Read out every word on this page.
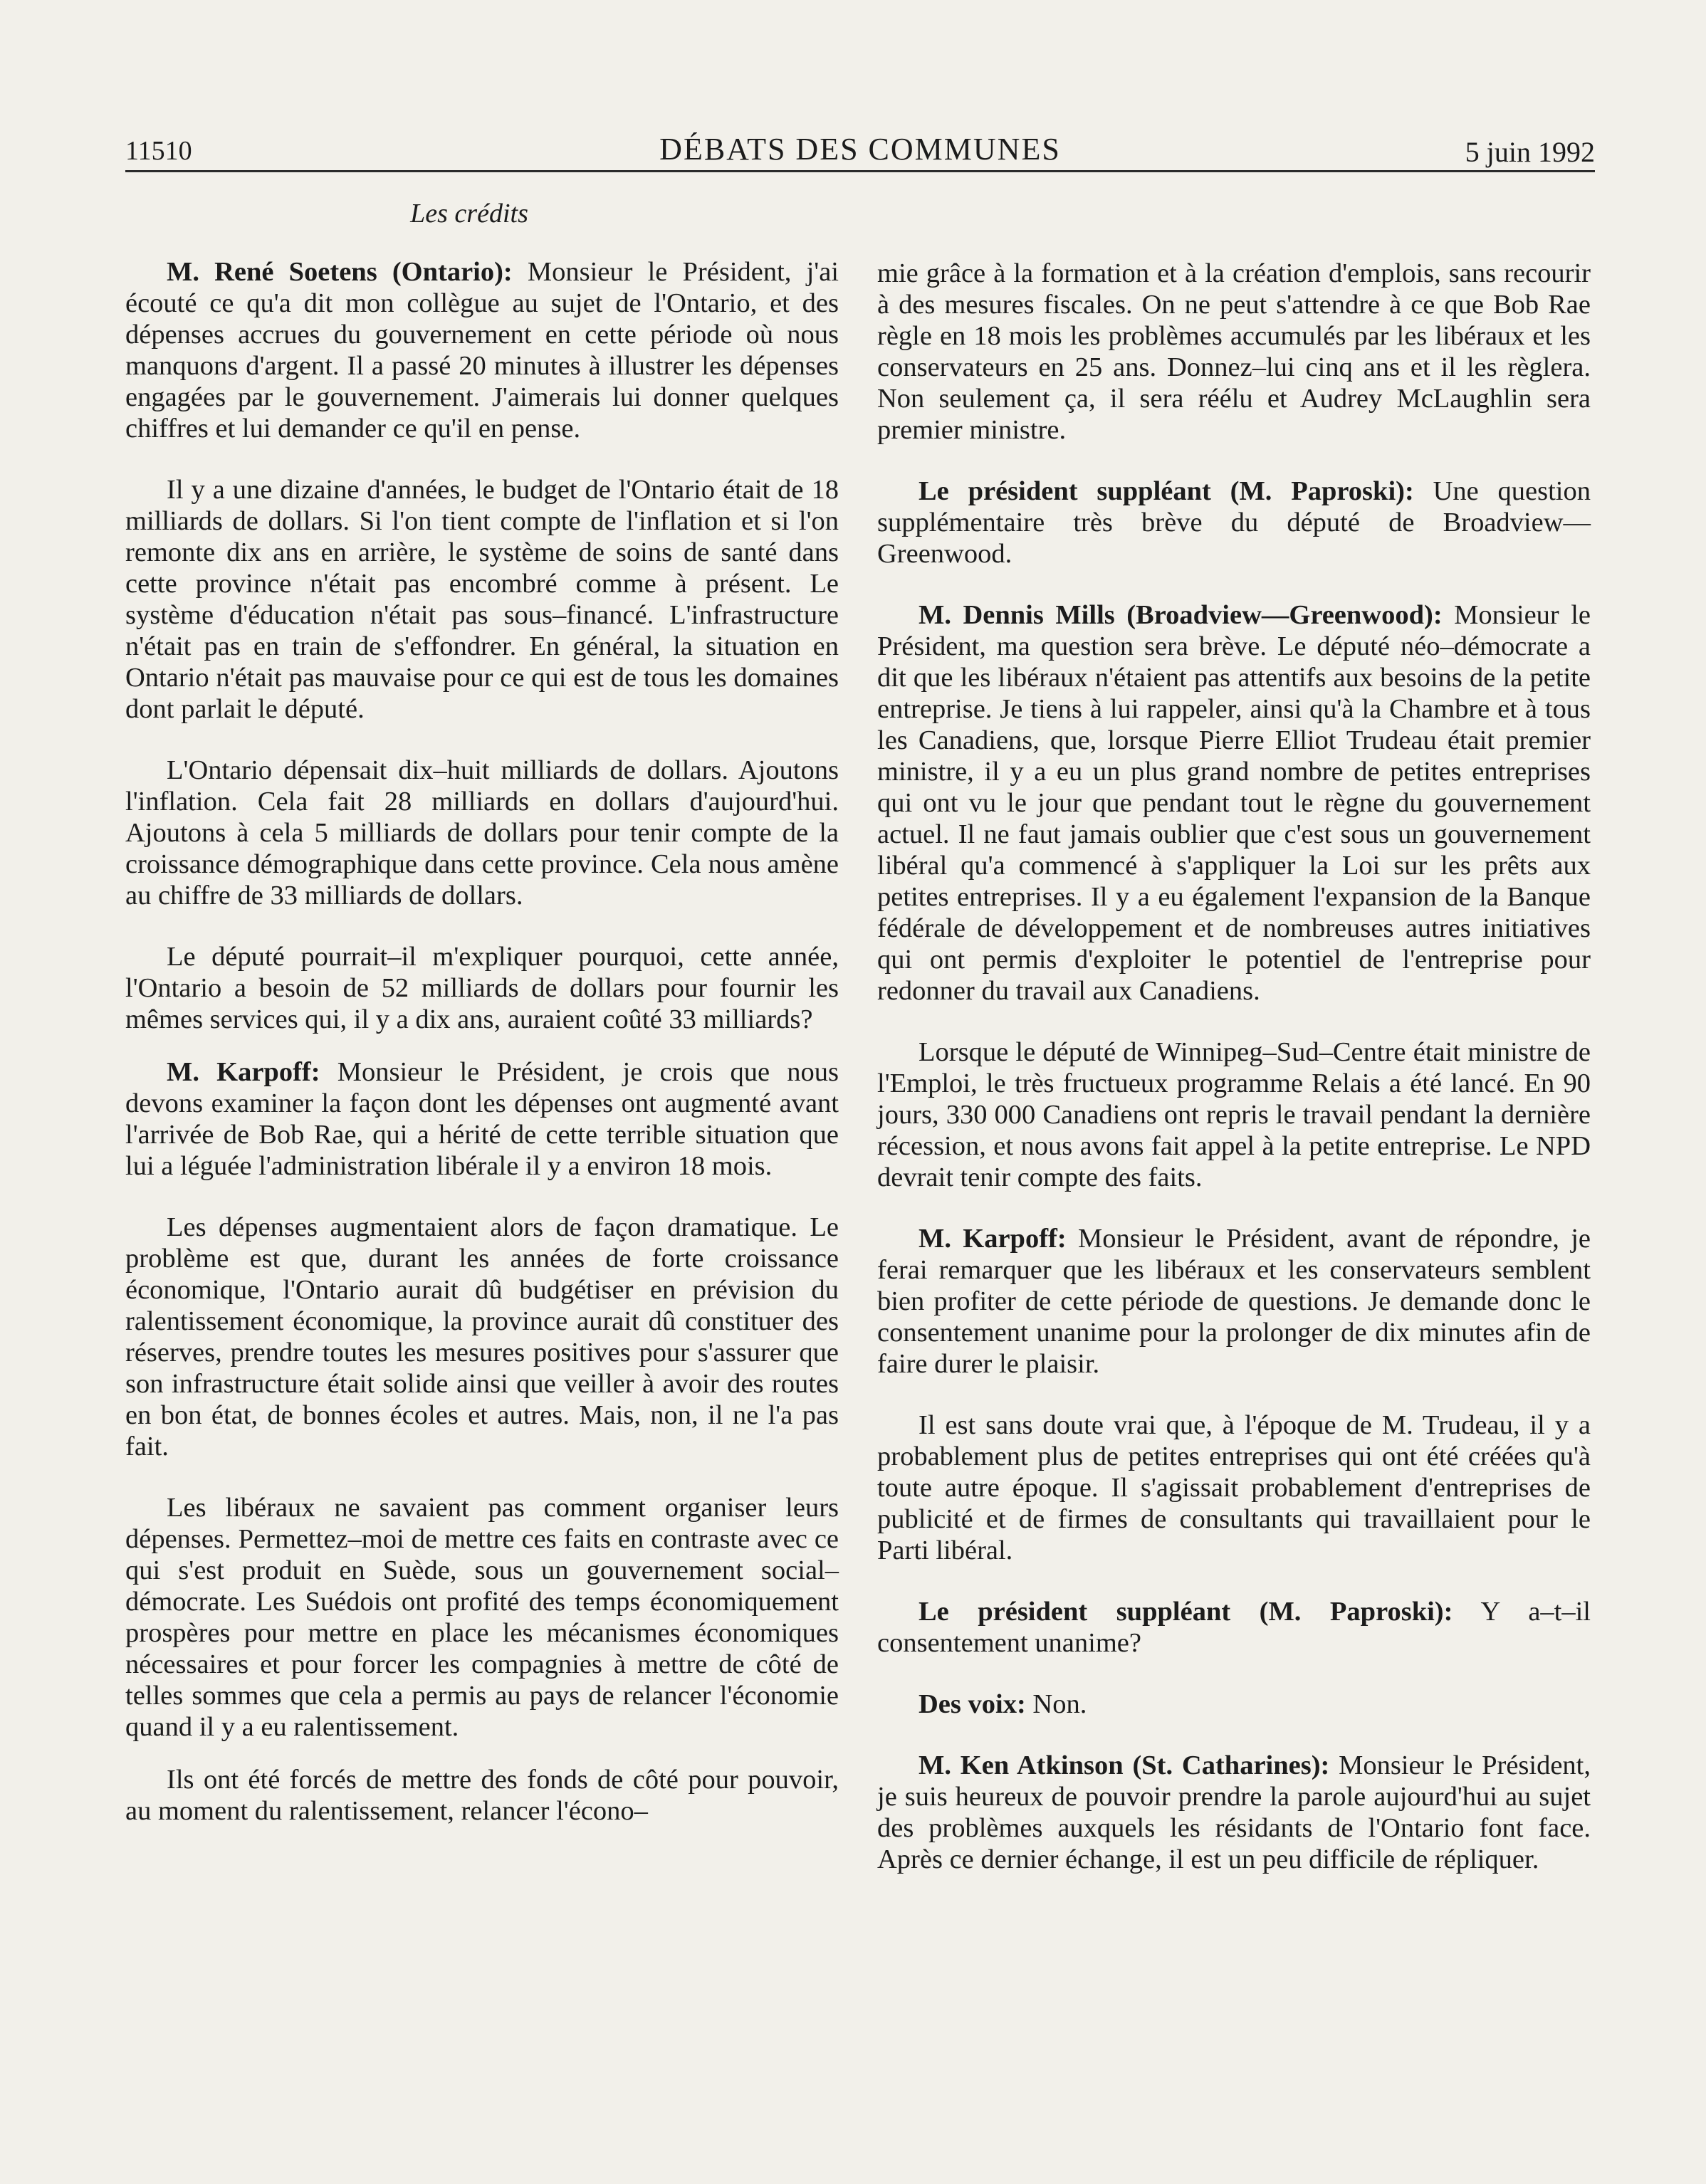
11510	DÉBATS DES COMMUNES	5 juin 1992
Les crédits

M. René Soetens (Ontario): Monsieur le Président, j'ai écouté ce qu'a dit mon collègue au sujet de l'Ontario, et des dépenses accrues du gouvernement en cette période où nous manquons d'argent. Il a passé 20 minutes à illustrer les dépenses engagées par le gouvernement. J'aimerais lui donner quelques chiffres et lui demander ce qu'il en pense.

Il y a une dizaine d'années, le budget de l'Ontario était de 18 milliards de dollars. Si l'on tient compte de l'inflation et si l'on remonte dix ans en arrière, le système de soins de santé dans cette province n'était pas encombré comme à présent. Le système d'éducation n'était pas sous–financé. L'infrastructure n'était pas en train de s'effondrer. En général, la situation en Ontario n'était pas mauvaise pour ce qui est de tous les domaines dont parlait le député.

L'Ontario dépensait dix–huit milliards de dollars. Ajoutons l'inflation. Cela fait 28 milliards en dollars d'aujourd'hui. Ajoutons à cela 5 milliards de dollars pour tenir compte de la croissance démographique dans cette province. Cela nous amène au chiffre de 33 milliards de dollars.

Le député pourrait–il m'expliquer pourquoi, cette année, l'Ontario a besoin de 52 milliards de dollars pour fournir les mêmes services qui, il y a dix ans, auraient coûté 33 milliards?

M. Karpoff: Monsieur le Président, je crois que nous devons examiner la façon dont les dépenses ont augmenté avant l'arrivée de Bob Rae, qui a hérité de cette terrible situation que lui a léguée l'administration libérale il y a environ 18 mois.

Les dépenses augmentaient alors de façon dramatique. Le problème est que, durant les années de forte croissance économique, l'Ontario aurait dû budgétiser en prévision du ralentissement économique, la province aurait dû constituer des réserves, prendre toutes les mesures positives pour s'assurer que son infrastructure était solide ainsi que veiller à avoir des routes en bon état, de bonnes écoles et autres. Mais, non, il ne l'a pas fait.

Les libéraux ne savaient pas comment organiser leurs dépenses. Permettez–moi de mettre ces faits en contraste avec ce qui s'est produit en Suède, sous un gouvernement social–démocrate. Les Suédois ont profité des temps économiquement prospères pour mettre en place les mécanismes économiques nécessaires et pour forcer les compagnies à mettre de côté de telles sommes que cela a permis au pays de relancer l'économie quand il y a eu ralentissement.

Ils ont été forcés de mettre des fonds de côté pour pouvoir, au moment du ralentissement, relancer l'écono–

mie grâce à la formation et à la création d'emplois, sans recourir à des mesures fiscales. On ne peut s'attendre à ce que Bob Rae règle en 18 mois les problèmes accumulés par les libéraux et les conservateurs en 25 ans. Donnez–lui cinq ans et il les règlera. Non seulement ça, il sera réélu et Audrey McLaughlin sera premier ministre.

Le président suppléant (M. Paproski): Une question supplémentaire très brève du député de Broadview—Greenwood.

M. Dennis Mills (Broadview—Greenwood): Monsieur le Président, ma question sera brève. Le député néo–démocrate a dit que les libéraux n'étaient pas attentifs aux besoins de la petite entreprise. Je tiens à lui rappeler, ainsi qu'à la Chambre et à tous les Canadiens, que, lorsque Pierre Elliot Trudeau était premier ministre, il y a eu un plus grand nombre de petites entreprises qui ont vu le jour que pendant tout le règne du gouvernement actuel. Il ne faut jamais oublier que c'est sous un gouvernement libéral qu'a commencé à s'appliquer la Loi sur les prêts aux petites entreprises. Il y a eu également l'expansion de la Banque fédérale de développement et de nombreuses autres initiatives qui ont permis d'exploiter le potentiel de l'entreprise pour redonner du travail aux Canadiens.

Lorsque le député de Winnipeg–Sud–Centre était ministre de l'Emploi, le très fructueux programme Relais a été lancé. En 90 jours, 330 000 Canadiens ont repris le travail pendant la dernière récession, et nous avons fait appel à la petite entreprise. Le NPD devrait tenir compte des faits.

M. Karpoff: Monsieur le Président, avant de répondre, je ferai remarquer que les libéraux et les conservateurs semblent bien profiter de cette période de questions. Je demande donc le consentement unanime pour la prolonger de dix minutes afin de faire durer le plaisir.

Il est sans doute vrai que, à l'époque de M. Trudeau, il y a probablement plus de petites entreprises qui ont été créées qu'à toute autre époque. Il s'agissait probablement d'entreprises de publicité et de firmes de consultants qui travaillaient pour le Parti libéral.

Le président suppléant (M. Paproski): Y a–t–il consentement unanime?

Des voix: Non.

M. Ken Atkinson (St. Catharines): Monsieur le Président, je suis heureux de pouvoir prendre la parole aujourd'hui au sujet des problèmes auxquels les résidants de l'Ontario font face. Après ce dernier échange, il est un peu difficile de répliquer.
